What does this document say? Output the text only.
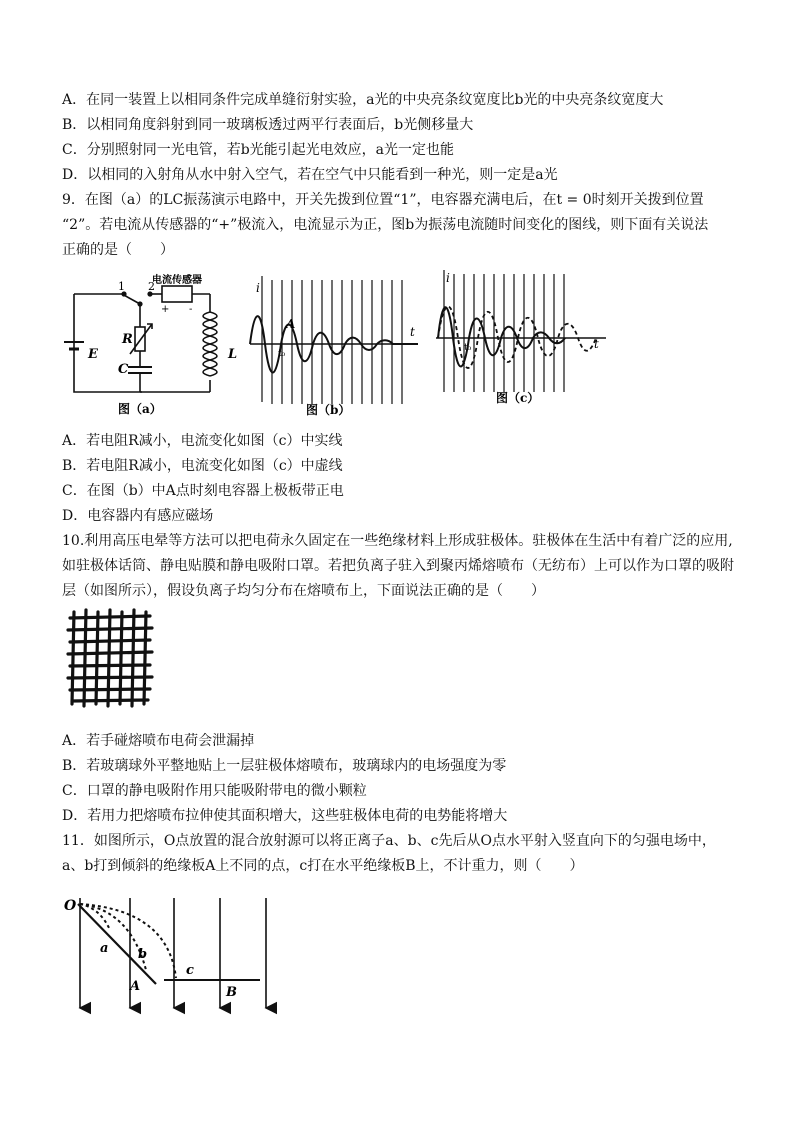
A．在同一装置上以相同条件完成单缝衍射实验，a光的中央亮条纹宽度比b光的中央亮条纹宽度大
B．以相同角度斜射到同一玻璃板透过两平行表面后，b光侧移量大
C．分别照射同一光电管，若b光能引起光电效应，a光一定也能
D．以相同的入射角从水中射入空气，若在空气中只能看到一种光，则一定是a光
9．在图（a）的LC振荡演示电路中，开关先拨到位置“1”，电容器充满电后，在t = 0时刻开关拨到位置
“2”。若电流从传感器的“+”极流入，电流显示为正，图b为振荡电流随时间变化的图线，则下面有关说法
正确的是（　　）
电流传感器
1 2
+ -
E
R
C
L
图（a）
i
t
A
t₀
图（b）
i
t
t₀
图（c）
A．若电阻R减小，电流变化如图（c）中实线
B．若电阻R减小，电流变化如图（c）中虚线
C．在图（b）中A点时刻电容器上极板带正电
D．电容器内有感应磁场
10.利用高压电晕等方法可以把电荷永久固定在一些绝缘材料上形成驻极体。驻极体在生活中有着广泛的应用,
如驻极体话筒、静电贴膜和静电吸附口罩。若把负离子驻入到聚丙烯熔喷布（无纺布）上可以作为口罩的吸附
层（如图所示），假设负离子均匀分布在熔喷布上，下面说法正确的是（　　）
A．若手碰熔喷布电荷会泄漏掉
B．若玻璃球外平整地贴上一层驻极体熔喷布，玻璃球内的电场强度为零
C．口罩的静电吸附作用只能吸附带电的微小颗粒
D．若用力把熔喷布拉伸使其面积增大，这些驻极体电荷的电势能将增大
11．如图所示，O点放置的混合放射源可以将正离子a、b、c先后从O点水平射入竖直向下的匀强电场中，
a、b打到倾斜的绝缘板A上不同的点，c打在水平绝缘板B上，不计重力，则（　　）
O
a b
c
A	B
